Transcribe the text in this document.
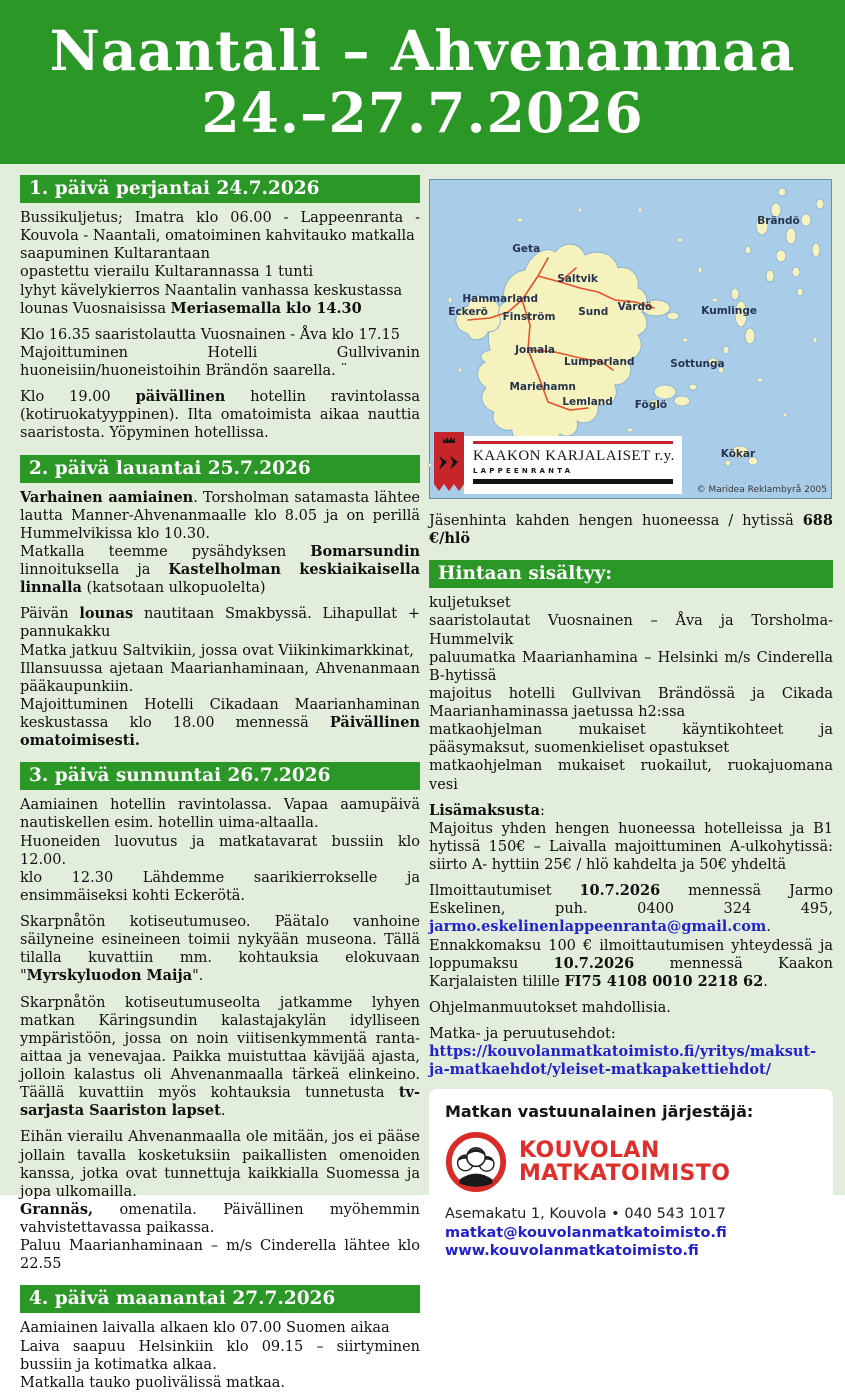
Naantali – Ahvenanmaa
24.–27.7.2026
1. päivä perjantai 24.7.2026

Bussikuljetus; Imatra klo 06.00 - Lappeenranta - Kouvola - Naantali, omatoiminen kahvitauko matkalla
saapuminen Kultarantaan
opastettu vierailu Kultarannassa 1 tunti
lyhyt kävelykierros Naantalin vanhassa keskustassa
lounas Vuosnaisissa Meriasemalla klo 14.30

Klo 16.35 saaristolautta Vuosnainen - Åva klo 17.15
Majoittuminen Hotelli Gullvivanin huoneisiin/huoneistoihin Brändön saarella. ¨

Klo 19.00 päivällinen hotellin ravintolassa (kotiruokatyyppinen). Ilta omatoimista aikaa nauttia saaristosta. Yöpyminen hotellissa.

2. päivä lauantai 25.7.2026

Varhainen aamiainen. Torsholman satamasta lähtee lautta Manner-Ahvenanmaalle klo 8.05 ja on perillä Hummelvikissa klo 10.30.
Matkalla teemme pysähdyksen Bomarsundin linnoituksella ja Kastelholman keskiaikaisella linnalla (katsotaan ulkopuolelta)

Päivän lounas nautitaan Smakbyssä. Lihapullat + pannukakku
Matka jatkuu Saltvikiin, jossa ovat Viikinkimarkkinat,
Illansuussa ajetaan Maarianhaminaan, Ahvenanmaan pääkaupunkiin.
Majoittuminen Hotelli Cikadaan Maarianhaminan keskustassa klo 18.00 mennessä Päivällinen omatoimisesti.

3. päivä sunnuntai 26.7.2026

Aamiainen hotellin ravintolassa. Vapaa aamupäivä nautiskellen esim. hotellin uima-altaalla.
Huoneiden luovutus ja matkatavarat bussiin klo 12.00.
klo 12.30 Lähdemme saarikierrokselle ja ensimmäiseksi kohti Eckerötä.

Skarpnåtön kotiseutumuseo. Päätalo vanhoine säilyneine esineineen toimii nykyään museona. Tällä tilalla kuvattiin mm. kohtauksia elokuvaan "Myrskyluodon Maija".

Skarpnåtön kotiseutumuseolta jatkamme lyhyen matkan Käringsundin kalastajakylän idylliseen ympäristöön, jossa on noin viitisenkymmentä ranta-aittaa ja venevajaa. Paikka muistuttaa kävijää ajasta, jolloin kalastus oli Ahvenanmaalla tärkeä elinkeino. Täällä kuvattiin myös kohtauksia tunnetusta tv-sarjasta Saariston lapset.

Eihän vierailu Ahvenanmaalla ole mitään, jos ei pääse jollain tavalla kosketuksiin paikallisten omenoiden kanssa, jotka ovat tunnettuja kaikkialla Suomessa ja jopa ulkomailla.
Grannäs, omenatila. Päivällinen myöhemmin vahvistettavassa paikassa.
Paluu Maarianhaminaan – m/s Cinderella lähtee klo 22.55

4. päivä maanantai 27.7.2026

Aamiainen laivalla alkaen klo 07.00 Suomen aikaa
Laiva saapuu Helsinkiin klo 09.15 – siirtyminen bussiin ja kotimatka alkaa.
Matkalla tauko puolivälissä matkaa.

Geta
Saltvik
Hammarland
Eckerö Finström Sund Vårdö	Kumlinge
Jomala
Lumparland	Sottunga
Mariehamn
Lemland Föglö
Kökar
Brändö
KAAKON KARJALAISET r.y.
LAPPEENRANTA
© Maridea Reklambyrå 2005

Jäsenhinta kahden hengen huoneessa / hytissä 688 €/hlö

Hintaan sisältyy:

kuljetukset
saaristolautat Vuosnainen – Åva ja Torsholma- Hummelvik
paluumatka Maarianhamina – Helsinki m/s Cinderella B-hytissä
majoitus hotelli Gullvivan Brändössä ja Cikada Maarianhaminassa jaetussa h2:ssa
matkaohjelman mukaiset käyntikohteet ja pääsymaksut, suomenkieliset opastukset
matkaohjelman mukaiset ruokailut, ruokajuomana vesi

Lisämaksusta:
Majoitus yhden hengen huoneessa hotelleissa ja B1 hytissä 150€ – Laivalla majoittuminen A-ulkohytissä: siirto A- hyttiin 25€ / hlö kahdelta ja 50€ yhdeltä

Ilmoittautumiset 10.7.2026 mennessä Jarmo Eskelinen, puh. 0400 324 495, jarmo.eskelinenlappeenranta@gmail.com. Ennakkomaksu 100 € ilmoittautumisen yhteydessä ja loppumaksu 10.7.2026 mennessä Kaakon Karjalaisten tilille FI75 4108 0010 2218 62.

Ohjelmanmuutokset mahdollisia.

Matka- ja peruutusehdot:
https://kouvolanmatkatoimisto.fi/yritys/maksut-ja-matkaehdot/yleiset-matkapakettiehdot/

Matkan vastuunalainen järjestäjä:
KOUVOLAN
MATKATOIMISTO
Asemakatu 1, Kouvola • 040 543 1017
matkat@kouvolanmatkatoimisto.fi
www.kouvolanmatkatoimisto.fi
